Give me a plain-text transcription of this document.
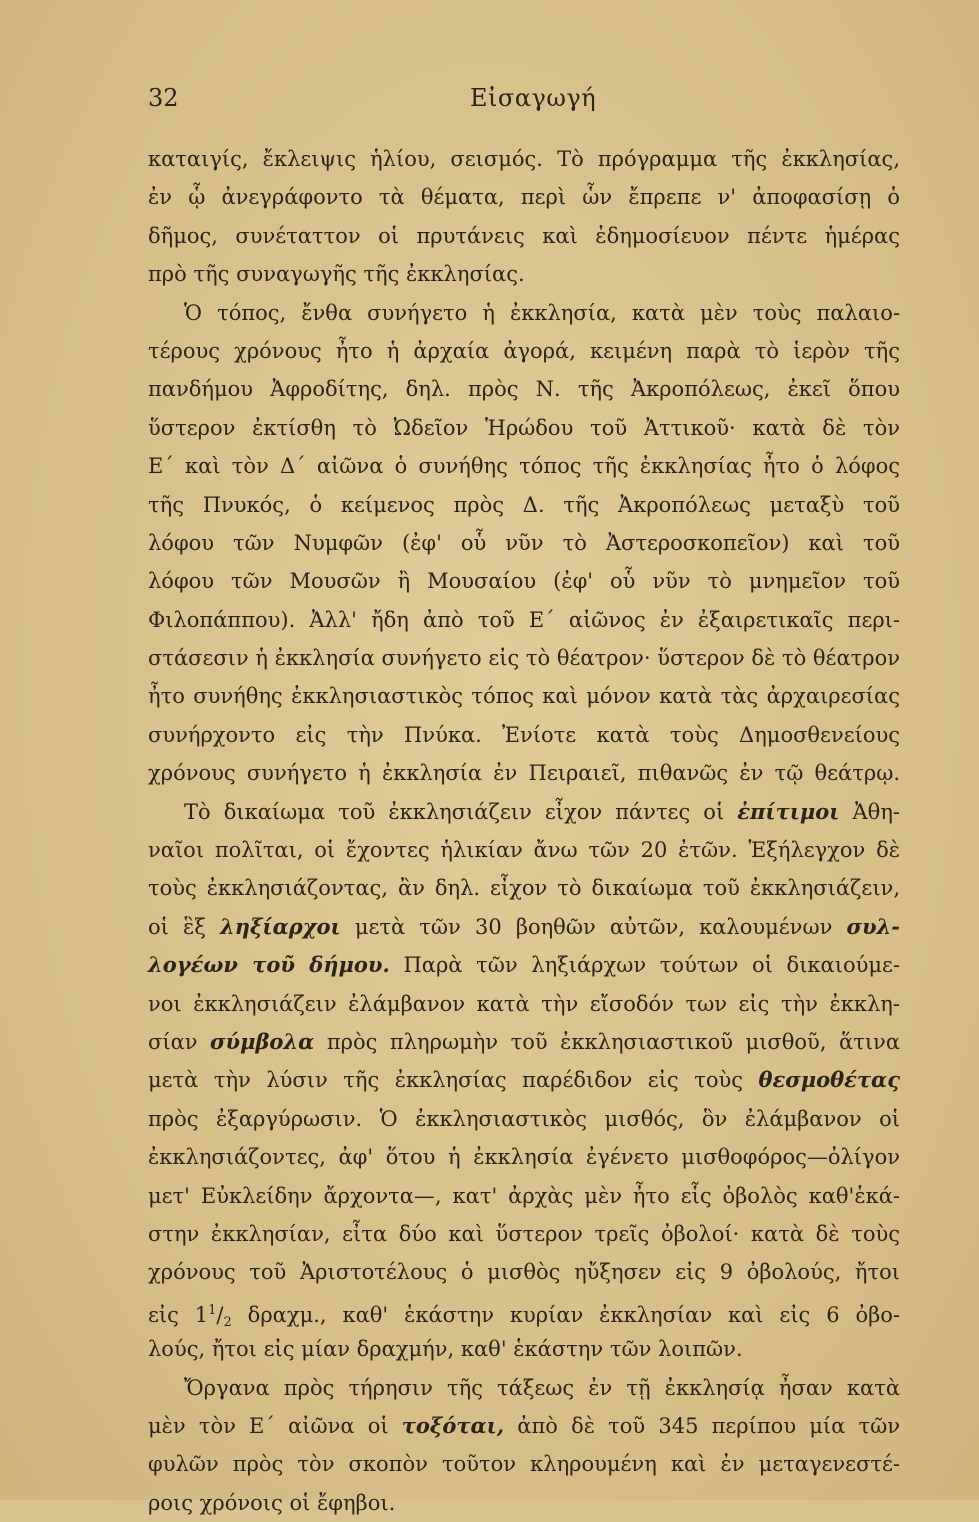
32	Εἰσαγωγή
καταιγίς, ἔκλειψις ἡλίου, σεισμός. Τὸ πρόγραμμα τῆς ἐκκλησίας,
ἐν ᾧ ἀνεγράφοντο τὰ θέματα, περὶ ὧν ἔπρεπε ν' ἀποφασίσῃ ὁ
δῆμος, συνέταττον οἱ πρυτάνεις καὶ ἐδημοσίευον πέντε ἡμέρας
πρὸ τῆς συναγωγῆς τῆς ἐκκλησίας.
Ὁ τόπος, ἔνθα συνήγετο ἡ ἐκκλησία, κατὰ μὲν τοὺς παλαιο-
τέρους χρόνους ἦτο ἡ ἀρχαία ἀγορά, κειμένη παρὰ τὸ ἱερὸν τῆς
πανδήμου Ἀφροδίτης, δηλ. πρὸς Ν. τῆς Ἀκροπόλεως, ἐκεῖ ὅπου
ὕστερον ἐκτίσθη τὸ Ὠδεῖον Ἡρώδου τοῦ Ἀττικοῦ· κατὰ δὲ τὸν
Ε΄ καὶ τὸν Δ΄ αἰῶνα ὁ συνήθης τόπος τῆς ἐκκλησίας ἦτο ὁ λόφος
τῆς Πνυκός, ὁ κείμενος πρὸς Δ. τῆς Ἀκροπόλεως μεταξὺ τοῦ
λόφου τῶν Νυμφῶν (ἐφ' οὗ νῦν τὸ Ἀστεροσκοπεῖον) καὶ τοῦ
λόφου τῶν Μουσῶν ἢ Μουσαίου (ἐφ' οὗ νῦν τὸ μνημεῖον τοῦ
Φιλοπάππου). Ἀλλ' ἤδη ἀπὸ τοῦ Ε΄ αἰῶνος ἐν ἐξαιρετικαῖς περι-
στάσεσιν ἡ ἐκκλησία συνήγετο εἰς τὸ θέατρον· ὕστερον δὲ τὸ θέατρον
ἦτο συνήθης ἐκκλησιαστικὸς τόπος καὶ μόνον κατὰ τὰς ἀρχαιρεσίας
συνήρχοντο εἰς τὴν Πνύκα. Ἐνίοτε κατὰ τοὺς Δημοσθενείους
χρόνους συνήγετο ἡ ἐκκλησία ἐν Πειραιεῖ, πιθανῶς ἐν τῷ θεάτρῳ.
Τὸ δικαίωμα τοῦ ἐκκλησιάζειν εἶχον πάντες οἱ ἐπίτιμοι Ἀθη-
ναῖοι πολῖται, οἱ ἔχοντες ἡλικίαν ἄνω τῶν 20 ἐτῶν. Ἐξήλεγχον δὲ
τοὺς ἐκκλησιάζοντας, ἂν δηλ. εἶχον τὸ δικαίωμα τοῦ ἐκκλησιάζειν,
οἱ ἓξ ληξίαρχοι μετὰ τῶν 30 βοηθῶν αὐτῶν, καλουμένων συλ-
λογέων τοῦ δήμου. Παρὰ τῶν ληξιάρχων τούτων οἱ δικαιούμε-
νοι ἐκκλησιάζειν ἐλάμβανον κατὰ τὴν εἴσοδόν των εἰς τὴν ἐκκλη-
σίαν σύμβολα πρὸς πληρωμὴν τοῦ ἐκκλησιαστικοῦ μισθοῦ, ἅτινα
μετὰ τὴν λύσιν τῆς ἐκκλησίας παρέδιδον εἰς τοὺς θεσμοθέτας
πρὸς ἐξαργύρωσιν. Ὁ ἐκκλησιαστικὸς μισθός, ὃν ἐλάμβανον οἱ
ἐκκλησιάζοντες, ἀφ' ὅτου ἡ ἐκκλησία ἐγένετο μισθοφόρος—ὀλίγον
μετ' Εὐκλείδην ἄρχοντα—, κατ' ἀρχὰς μὲν ἦτο εἷς ὀβολὸς καθ'ἑκά-
στην ἐκκλησίαν, εἶτα δύο καὶ ὕστερον τρεῖς ὀβολοί· κατὰ δὲ τοὺς
χρόνους τοῦ Ἀριστοτέλους ὁ μισθὸς ηὔξησεν εἰς 9 ὀβολούς, ἤτοι
εἰς $1^1/_2$ δραχμ., καθ' ἑκάστην κυρίαν ἐκκλησίαν καὶ εἰς 6 ὀβο-
λούς, ἤτοι εἰς μίαν δραχμήν, καθ' ἑκάστην τῶν λοιπῶν.
Ὄργανα πρὸς τήρησιν τῆς τάξεως ἐν τῇ ἐκκλησίᾳ ἦσαν κατὰ
μὲν τὸν Ε΄ αἰῶνα οἱ τοξόται, ἀπὸ δὲ τοῦ 345 περίπου μία τῶν
φυλῶν πρὸς τὸν σκοπὸν τοῦτον κληρουμένη καὶ ἐν μεταγενεστέ-
ροις χρόνοις οἱ ἔφηβοι.
